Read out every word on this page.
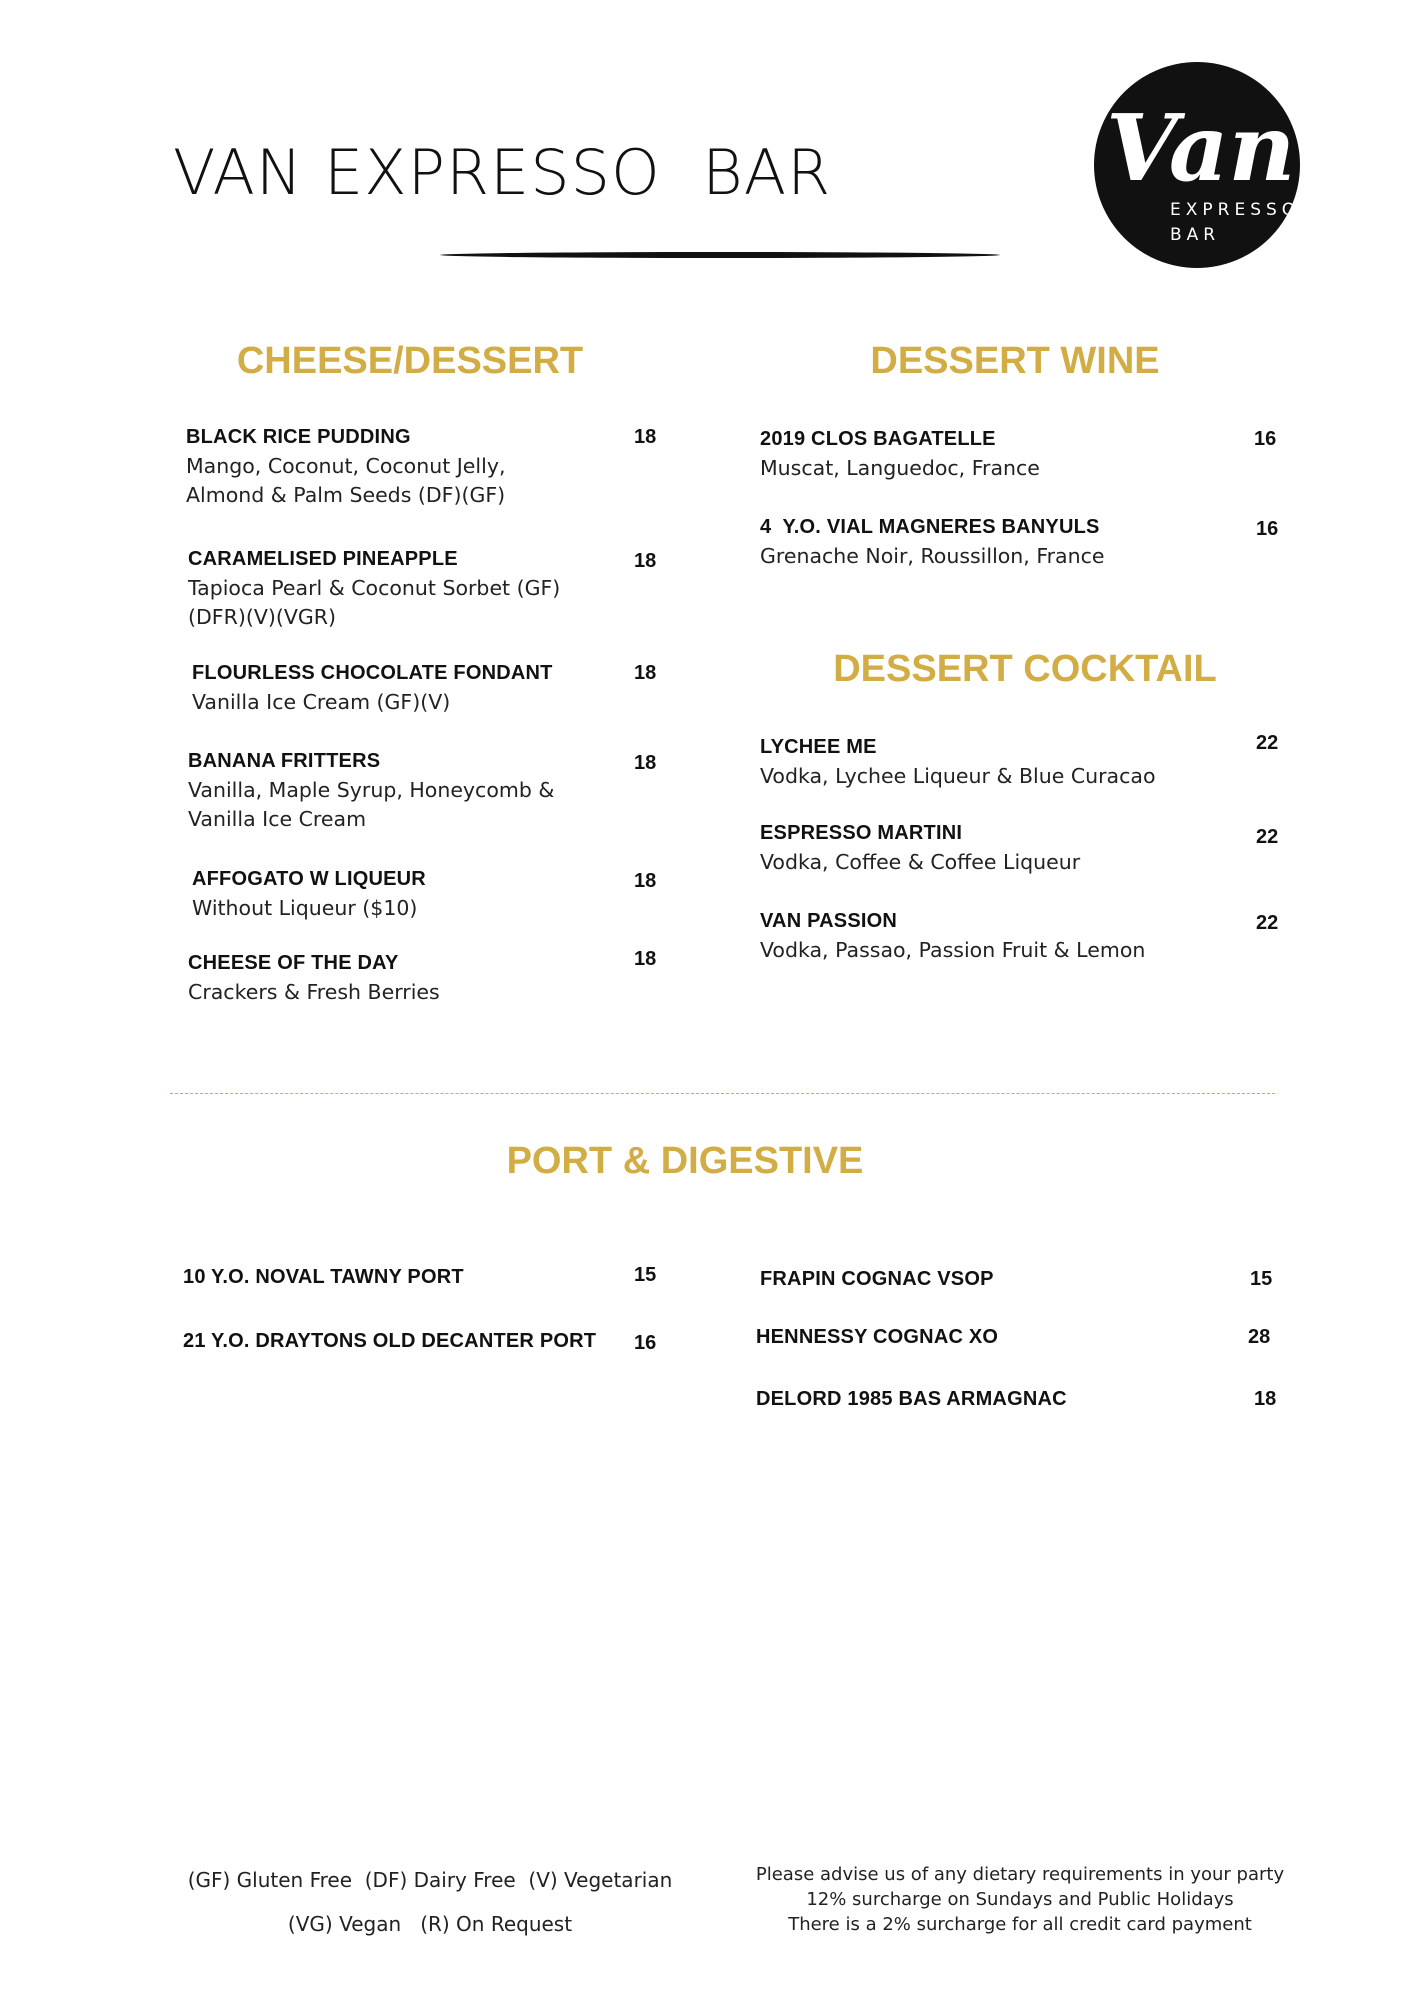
VAN EXPRESSO  BAR	Van
EXPRESSO
BAR
CHEESE/DESSERT
BLACK RICE PUDDING
Mango, Coconut, Coconut Jelly,
Almond & Palm Seeds (DF)(GF)
18
CARAMELISED PINEAPPLE
Tapioca Pearl & Coconut Sorbet (GF)
(DFR)(V)(VGR)
18
FLOURLESS CHOCOLATE FONDANT
Vanilla Ice Cream (GF)(V)
18
BANANA FRITTERS
Vanilla, Maple Syrup, Honeycomb &
Vanilla Ice Cream
18
AFFOGATO W LIQUEUR
Without Liqueur ($10)
18
CHEESE OF THE DAY
Crackers & Fresh Berries
18
DESSERT WINE
2019 CLOS BAGATELLE
Muscat, Languedoc, France
16
4  Y.O. VIAL MAGNERES BANYULS
Grenache Noir, Roussillon, France
16
DESSERT COCKTAIL
LYCHEE ME
Vodka, Lychee Liqueur & Blue Curacao
22
ESPRESSO MARTINI
Vodka, Coffee & Coffee Liqueur
22
VAN PASSION
Vodka, Passao, Passion Fruit & Lemon
22
PORT & DIGESTIVE
10 Y.O. NOVAL TAWNY PORT	15
21 Y.O. DRAYTONS OLD DECANTER PORT 16
FRAPIN COGNAC VSOP	15
HENNESSY COGNAC XO	28
DELORD 1985 BAS ARMAGNAC	18
(GF) Gluten Free  (DF) Dairy Free  (V) Vegetarian
(VG) Vegan   (R) On Request
Please advise us of any dietary requirements in your party
12% surcharge on Sundays and Public Holidays
There is a 2% surcharge for all credit card payment
